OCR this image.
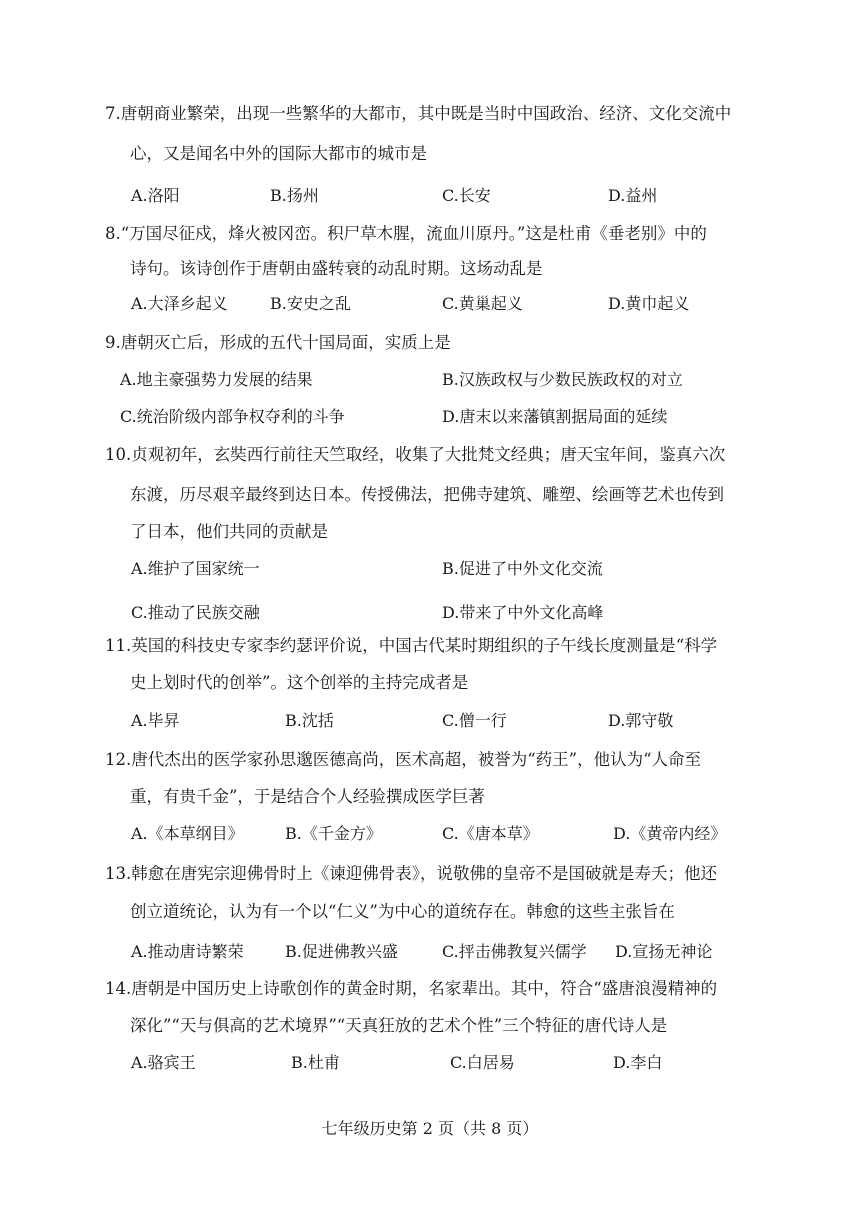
7.唐朝商业繁荣，出现一些繁华的大都市，其中既是当时中国政治、经济、文化交流中
心，又是闻名中外的国际大都市的城市是
A.洛阳	B.扬州	C.长安	D.益州
8.“万国尽征戍，烽火被冈峦。积尸草木腥，流血川原丹。”这是杜甫《垂老别》中的
诗句。该诗创作于唐朝由盛转衰的动乱时期。这场动乱是
A.大泽乡起义	B.安史之乱	C.黄巢起义	D.黄巾起义
9.唐朝灭亡后，形成的五代十国局面，实质上是
A.地主豪强势力发展的结果	B.汉族政权与少数民族政权的对立
C.统治阶级内部争权夺利的斗争	D.唐末以来藩镇割据局面的延续
10.贞观初年，玄奘西行前往天竺取经，收集了大批梵文经典；唐天宝年间，鉴真六次
东渡，历尽艰辛最终到达日本。传授佛法，把佛寺建筑、雕塑、绘画等艺术也传到
了日本，他们共同的贡献是
A.维护了国家统一	B.促进了中外文化交流
C.推动了民族交融	D.带来了中外文化高峰
11.英国的科技史专家李约瑟评价说，中国古代某时期组织的子午线长度测量是“科学
史上划时代的创举”。这个创举的主持完成者是
A.毕昇	B.沈括	C.僧一行	D.郭守敬
12.唐代杰出的医学家孙思邈医德高尚，医术高超，被誉为“药王”，他认为“人命至
重，有贵千金”，于是结合个人经验撰成医学巨著
A.《本草纲目》	B.《千金方》	C.《唐本草》	D.《黄帝内经》
13.韩愈在唐宪宗迎佛骨时上《谏迎佛骨表》，说敬佛的皇帝不是国破就是寿夭；他还
创立道统论，认为有一个以“仁义”为中心的道统存在。韩愈的这些主张旨在
A.推动唐诗繁荣	B.促进佛教兴盛	C.抨击佛教复兴儒学 D.宣扬无神论
14.唐朝是中国历史上诗歌创作的黄金时期，名家辈出。其中，符合“盛唐浪漫精神的
深化”“天与俱高的艺术境界”“天真狂放的艺术个性”三个特征的唐代诗人是
A.骆宾王	B.杜甫	C.白居易	D.李白
七年级历史第 2 页（共 8 页）
